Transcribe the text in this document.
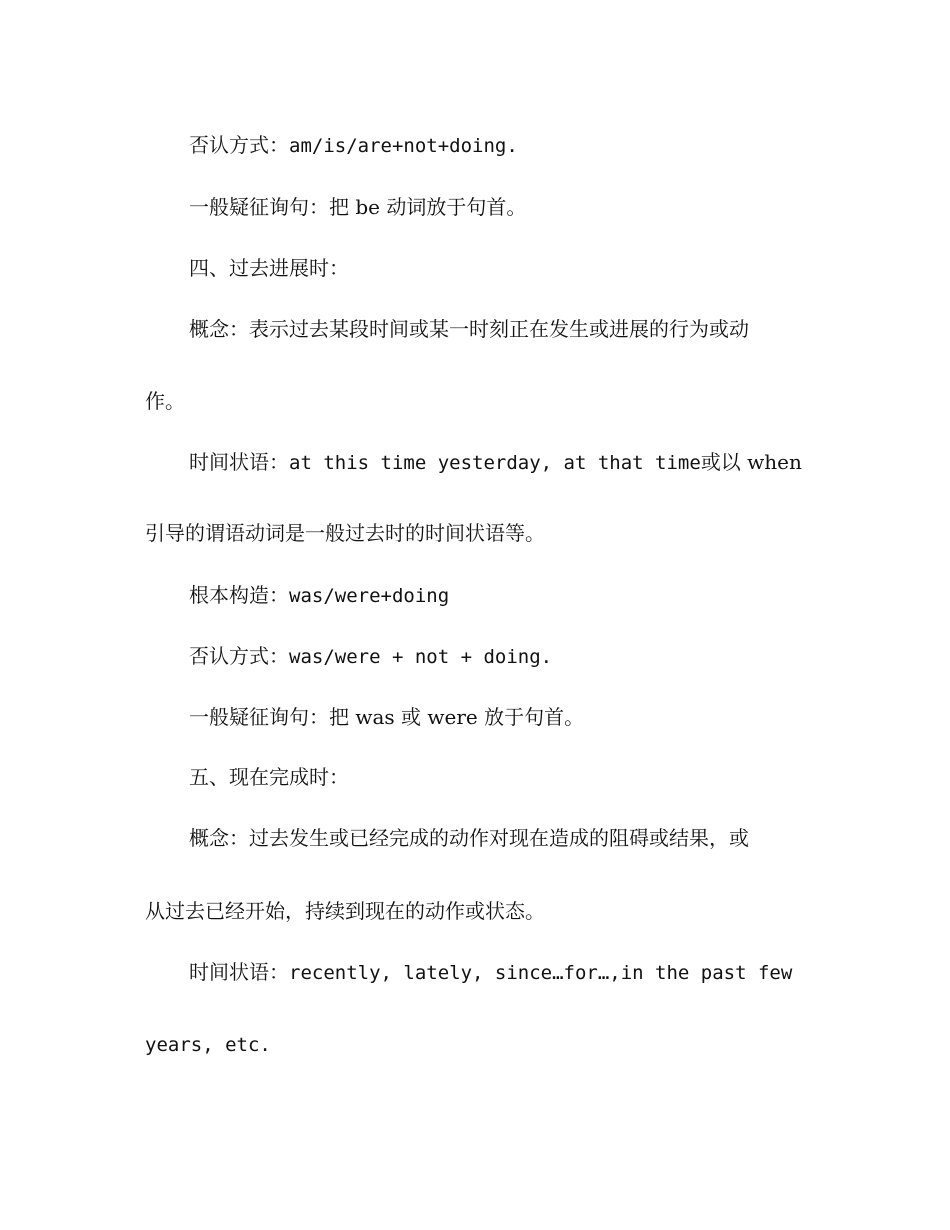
否认方式：am/is/are+not+doing.
一般疑征询句：把 be 动词放于句首。
四、过去进展时：
概念：表示过去某段时间或某一时刻正在发生或进展的行为或动
作。
时间状语：at this time yesterday, at that time或以 when
引导的谓语动词是一般过去时的时间状语等。
根本构造：was/were+doing
否认方式：was/were + not + doing.
一般疑征询句：把 was 或 were 放于句首。
五、现在完成时：
概念：过去发生或已经完成的动作对现在造成的阻碍或结果，或
从过去已经开始，持续到现在的动作或状态。
时间状语：recently, lately, since…for…,in the past few
years, etc.
